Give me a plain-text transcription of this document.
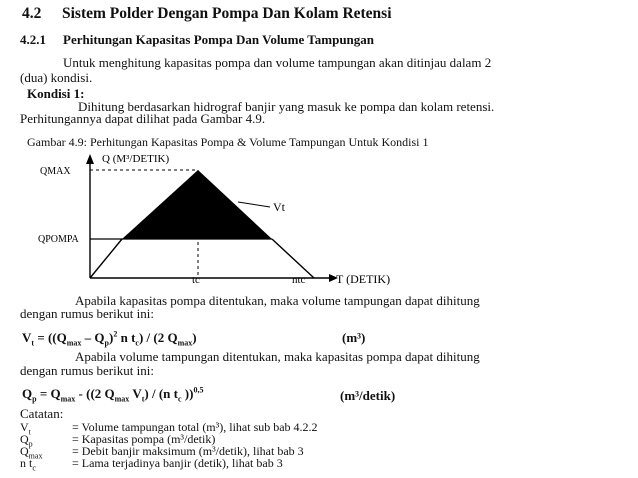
4.2 Sistem Polder Dengan Pompa Dan Kolam Retensi
4.2.1 Perhitungan Kapasitas Pompa Dan Volume Tampungan
Untuk menghitung kapasitas pompa dan volume tampungan akan ditinjau dalam 2
(dua) kondisi.
Kondisi 1:
Dihitung berdasarkan hidrograf banjir yang masuk ke pompa dan kolam retensi.
Perhitungannya dapat dilihat pada Gambar 4.9.
Gambar 4.9: Perhitungan Kapasitas Pompa & Volume Tampungan Untuk Kondisi 1
Q (M³/DETIK)
QMAX
QPOMPA
Vt
tc	ntc	T (DETIK)
Apabila kapasitas pompa ditentukan, maka volume tampungan dapat dihitung
dengan rumus berikut ini:
$V_t = ((Q_{max} - Q_p)^2$ n $t_c) / (2$ $Q_{max}$)	(m³)
Apabila volume tampungan ditentukan, maka kapasitas pompa dapat dihitung
dengan rumus berikut ini:
$Q_p = Q_{max} - ((2$ $Q_{max}$ $V_t) / (n$ $t_c$ ))$^{0,5}$	(m³/detik)
Catatan:
$V_t$	= Volume tampungan total (m³), lihat sub bab 4.2.2
$Q_p$	= Kapasitas pompa (m³/detik)
$Q_{max}$ = Debit banjir maksimum (m³/detik), lihat bab 3
n $t_c$	= Lama terjadinya banjir (detik), lihat bab 3
